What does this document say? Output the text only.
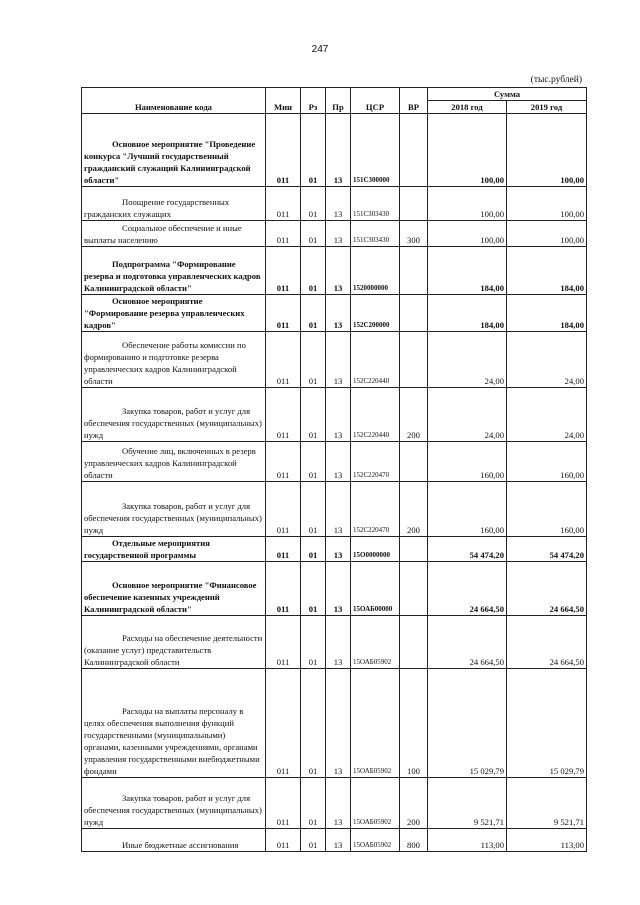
247
(тыс.рублей)
Наименование кода	Мин	Рз	Пр	ЦСР	ВР	Сумма	
						2018 год	2019 год
Основное мероприятие "Проведение конкурса "Лучший государственный гражданский служащий Калининградской области"	011	01	13	151С300000		100,00	100,00
Поощрение государственных гражданских служащих	011	01	13	151С303430		100,00	100,00
Социальное обеспечение и иные выплаты населению	011	01	13	151С303430	300	100,00	100,00
Подпрограмма "Формирование резерва и подготовка управленческих кадров Калининградской области"	011	01	13	1520000000		184,00	184,00
Основное мероприятие "Формирование резерва управленческих кадров"	011	01	13	152С200000		184,00	184,00
Обеспечение работы комиссии по формированию и подготовке резерва управленческих кадров Калининградской области	011	01	13	152С220440		24,00	24,00
Закупка товаров, работ и услуг для обеспечения государственных (муниципальных) нужд	011	01	13	152С220440	200	24,00	24,00
Обучение лиц, включенных в резерв управленческих кадров Калининградской области	011	01	13	152С220470		160,00	160,00
Закупка товаров, работ и услуг для обеспечения государственных (муниципальных) нужд	011	01	13	152С220470	200	160,00	160,00
Отдельные мероприятия государственной программы	011	01	13	15О0000000		54 474,20	54 474,20
Основное мероприятие "Финансовое обеспечение казенных учреждений Калининградской области"	011	01	13	15ОАБ00000		24 664,50	24 664,50
Расходы на обеспечение деятельности (оказание услуг) представительств Калининградской области	011	01	13	15ОАБ05902		24 664,50	24 664,50
Расходы на выплаты персоналу в целях обеспечения выполнения функций государственными (муниципальными) органами, казенными учреждениями, органами управления государственными внебюджетными фондами	011	01	13	15ОАБ05902	100	15 029,79	15 029,79
Закупка товаров, работ и услуг для обеспечения государственных (муниципальных) нужд	011	01	13	15ОАБ05902	200	9 521,71	9 521,71
Иные бюджетные ассигнования	011	01	13	15ОАБ05902	800	113,00	113,00
